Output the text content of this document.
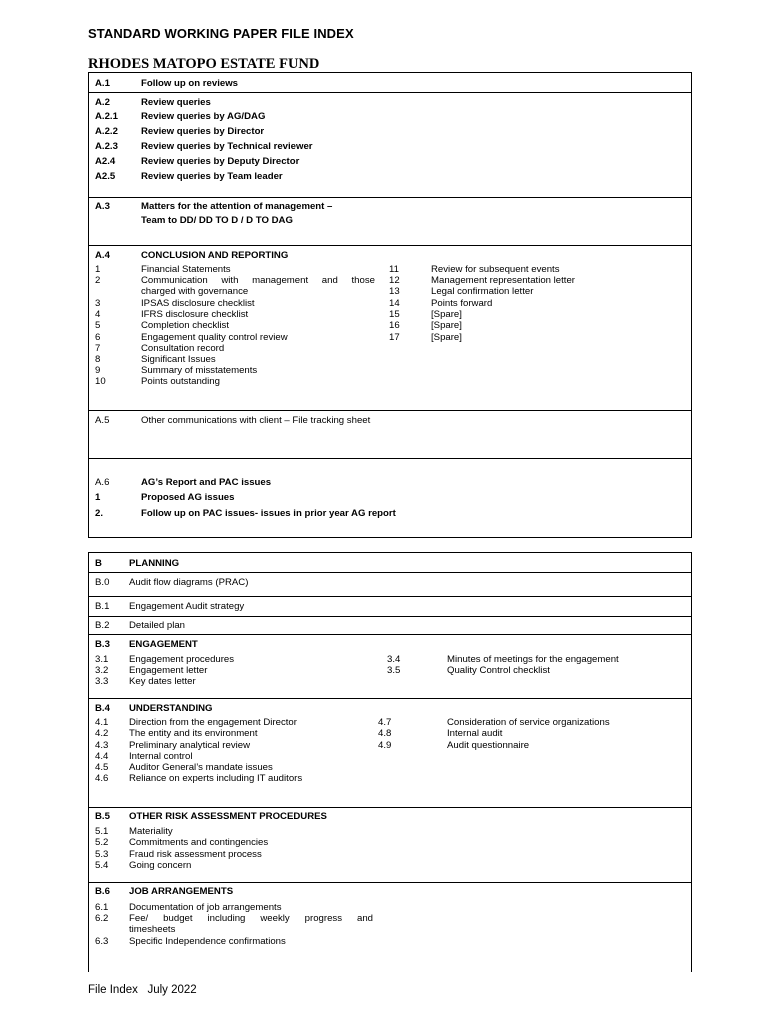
STANDARD WORKING PAPER FILE INDEX
RHODES MATOPO ESTATE FUND
A.1	Follow up on reviews
A.2	Review queries
A.2.1 Review queries by AG/DAG
A.2.2 Review queries by Director
A.2.3 Review queries by Technical reviewer
A2.4	Review queries by Deputy Director
A2.5	Review queries by Team leader
A.3	Matters for the attention of management –
Team to DD/ DD TO D / D TO DAG
A.4	CONCLUSION AND REPORTING
1	Financial Statements
2	Communication with management and those
charged with governance
3	IPSAS disclosure checklist
4	IFRS disclosure checklist
5	Completion checklist
6	Engagement quality control review
7	Consultation record
8	Significant Issues
9	Summary of misstatements
10	Points outstanding
11	Review for subsequent events
12	Management representation letter
13	Legal confirmation letter
14	Points forward
15	[Spare]
16	[Spare]
17	[Spare]
A.5	Other communications with client – File tracking sheet
A.6	AG’s Report and PAC issues
1	Proposed AG issues
2.	Follow up on PAC issues- issues in prior year AG report
B	PLANNING
B.0 Audit flow diagrams (PRAC)
B.1 Engagement Audit strategy
B.2 Detailed plan
B.3 ENGAGEMENT
3.1 Engagement procedures
3.2 Engagement letter
3.3 Key dates letter
3.4	Minutes of meetings for the engagement
3.5	Quality Control checklist
B.4 UNDERSTANDING
4.1 Direction from the engagement Director
4.2 The entity and its environment
4.3 Preliminary analytical review
4.4 Internal control
4.5 Auditor General’s mandate issues
4.6 Reliance on experts including IT auditors
4.7	Consideration of service organizations
4.8	Internal audit
4.9	Audit questionnaire
B.5 OTHER RISK ASSESSMENT PROCEDURES
5.1 Materiality
5.2 Commitments and contingencies
5.3 Fraud risk assessment process
5.4 Going concern
B.6 JOB ARRANGEMENTS
6.1 Documentation of job arrangements
6.2 Fee/ budget including weekly progress and
timesheets
6.3 Specific Independence confirmations
File Index July 2022
